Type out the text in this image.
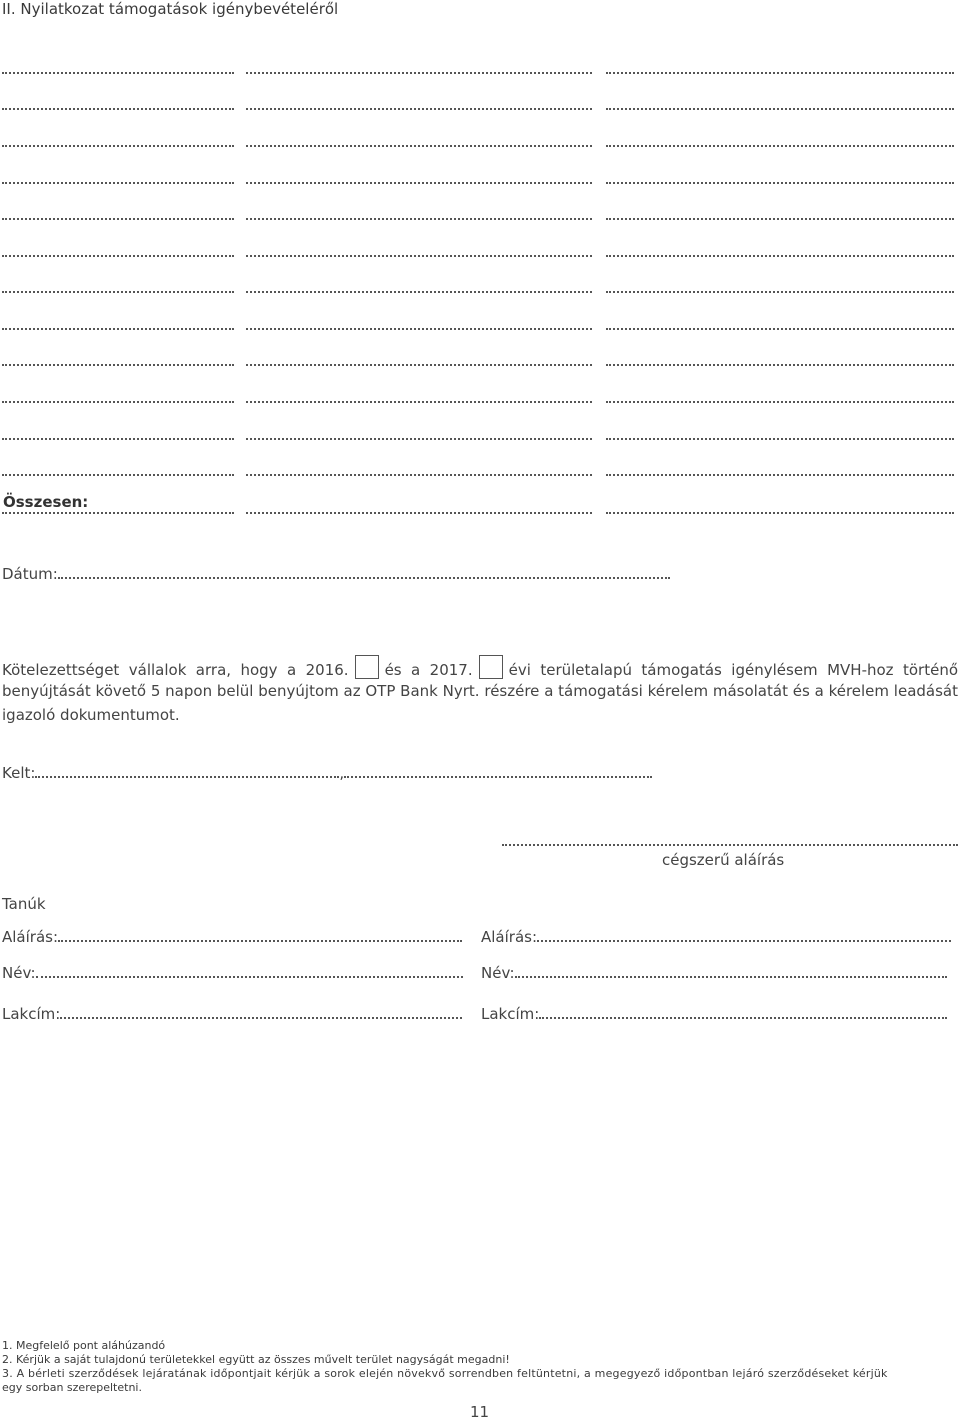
II. Nyilatkozat támogatások igénybevételéről
Összesen:
Dátum:
Kötelezettséget vállalok arra, hogy a 2016. és a 2017. évi területalapú támogatás igénylésem MVH-hoz történő
benyújtását követő 5 napon belül benyújtom az OTP Bank Nyrt. részére a támogatási kérelem másolatát és a kérelem leadását
igazoló dokumentumot.
Kelt:	,
cégszerű aláírás
Tanúk
Aláírás:
Név:
Lakcím:
Aláírás:
Név:
Lakcím:
1. Megfelelő pont aláhúzandó
2. Kérjük a saját tulajdonú területekkel együtt az összes művelt terület nagyságát megadni!
3. A bérleti szerződések lejáratának időpontjait kérjük a sorok elején növekvő sorrendben feltüntetni, a megegyező időpontban lejáró szerződéseket kérjük
egy sorban szerepeltetni.
11
